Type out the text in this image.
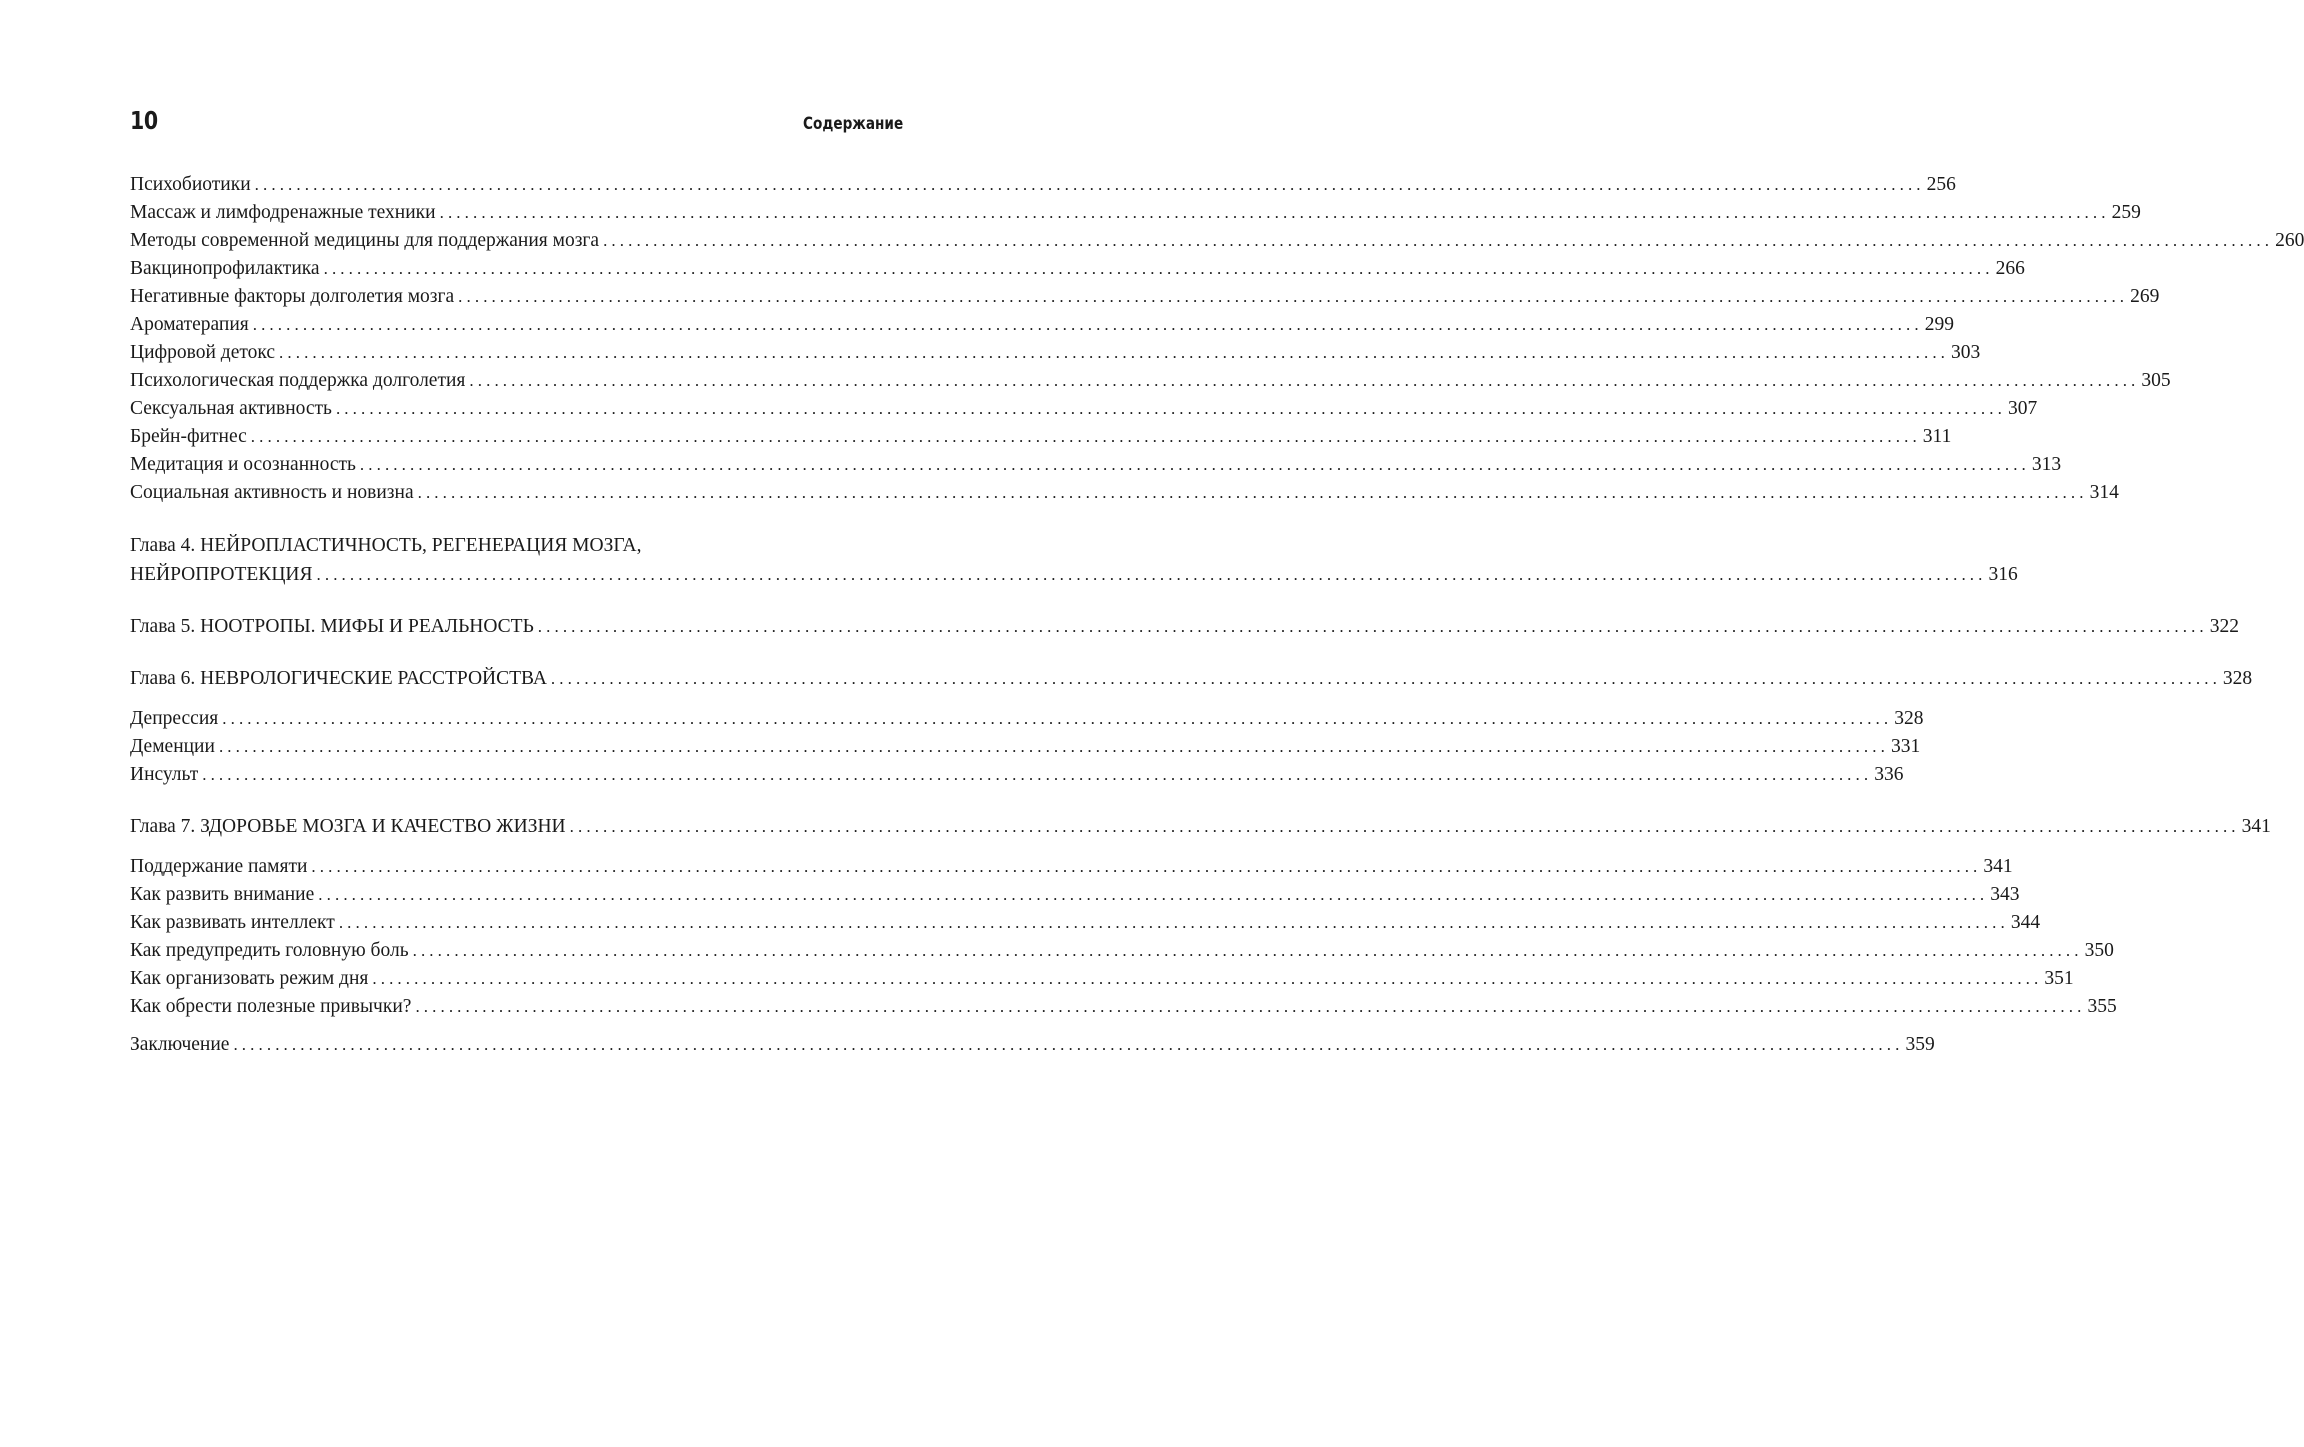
10	Содержание
Психобиотики ........................................................................................................................................................................................................ 256
Массаж и лимфодренажные техники ........................................................................................................................................................................................................ 259
Методы современной медицины для поддержания мозга ........................................................................................................................................................................................................ 260
Вакцинопрофилактика ........................................................................................................................................................................................................ 266
Негативные факторы долголетия мозга ........................................................................................................................................................................................................ 269
Ароматерапия ........................................................................................................................................................................................................ 299
Цифровой детокс ........................................................................................................................................................................................................ 303
Психологическая поддержка долголетия ........................................................................................................................................................................................................ 305
Сексуальная активность ........................................................................................................................................................................................................ 307
Брейн-фитнес ........................................................................................................................................................................................................ 311
Медитация и осознанность ........................................................................................................................................................................................................ 313
Социальная активность и новизна ........................................................................................................................................................................................................ 314
Глава 4. НЕЙРОПЛАСТИЧНОСТЬ, РЕГЕНЕРАЦИЯ МОЗГА,
НЕЙРОПРОТЕКЦИЯ ........................................................................................................................................................................................................ 316
Глава 5. НООТРОПЫ. МИФЫ И РЕАЛЬНОСТЬ ........................................................................................................................................................................................................ 322
Глава 6. НЕВРОЛОГИЧЕСКИЕ РАССТРОЙСТВА ........................................................................................................................................................................................................ 328
Депрессия ........................................................................................................................................................................................................ 328
Деменции ........................................................................................................................................................................................................ 331
Инсульт ........................................................................................................................................................................................................ 336
Глава 7. ЗДОРОВЬЕ МОЗГА И КАЧЕСТВО ЖИЗНИ ........................................................................................................................................................................................................ 341
Поддержание памяти ........................................................................................................................................................................................................ 341
Как развить внимание ........................................................................................................................................................................................................ 343
Как развивать интеллект ........................................................................................................................................................................................................ 344
Как предупредить головную боль ........................................................................................................................................................................................................ 350
Как организовать режим дня ........................................................................................................................................................................................................ 351
Как обрести полезные привычки? ........................................................................................................................................................................................................ 355
Заключение ........................................................................................................................................................................................................ 359
